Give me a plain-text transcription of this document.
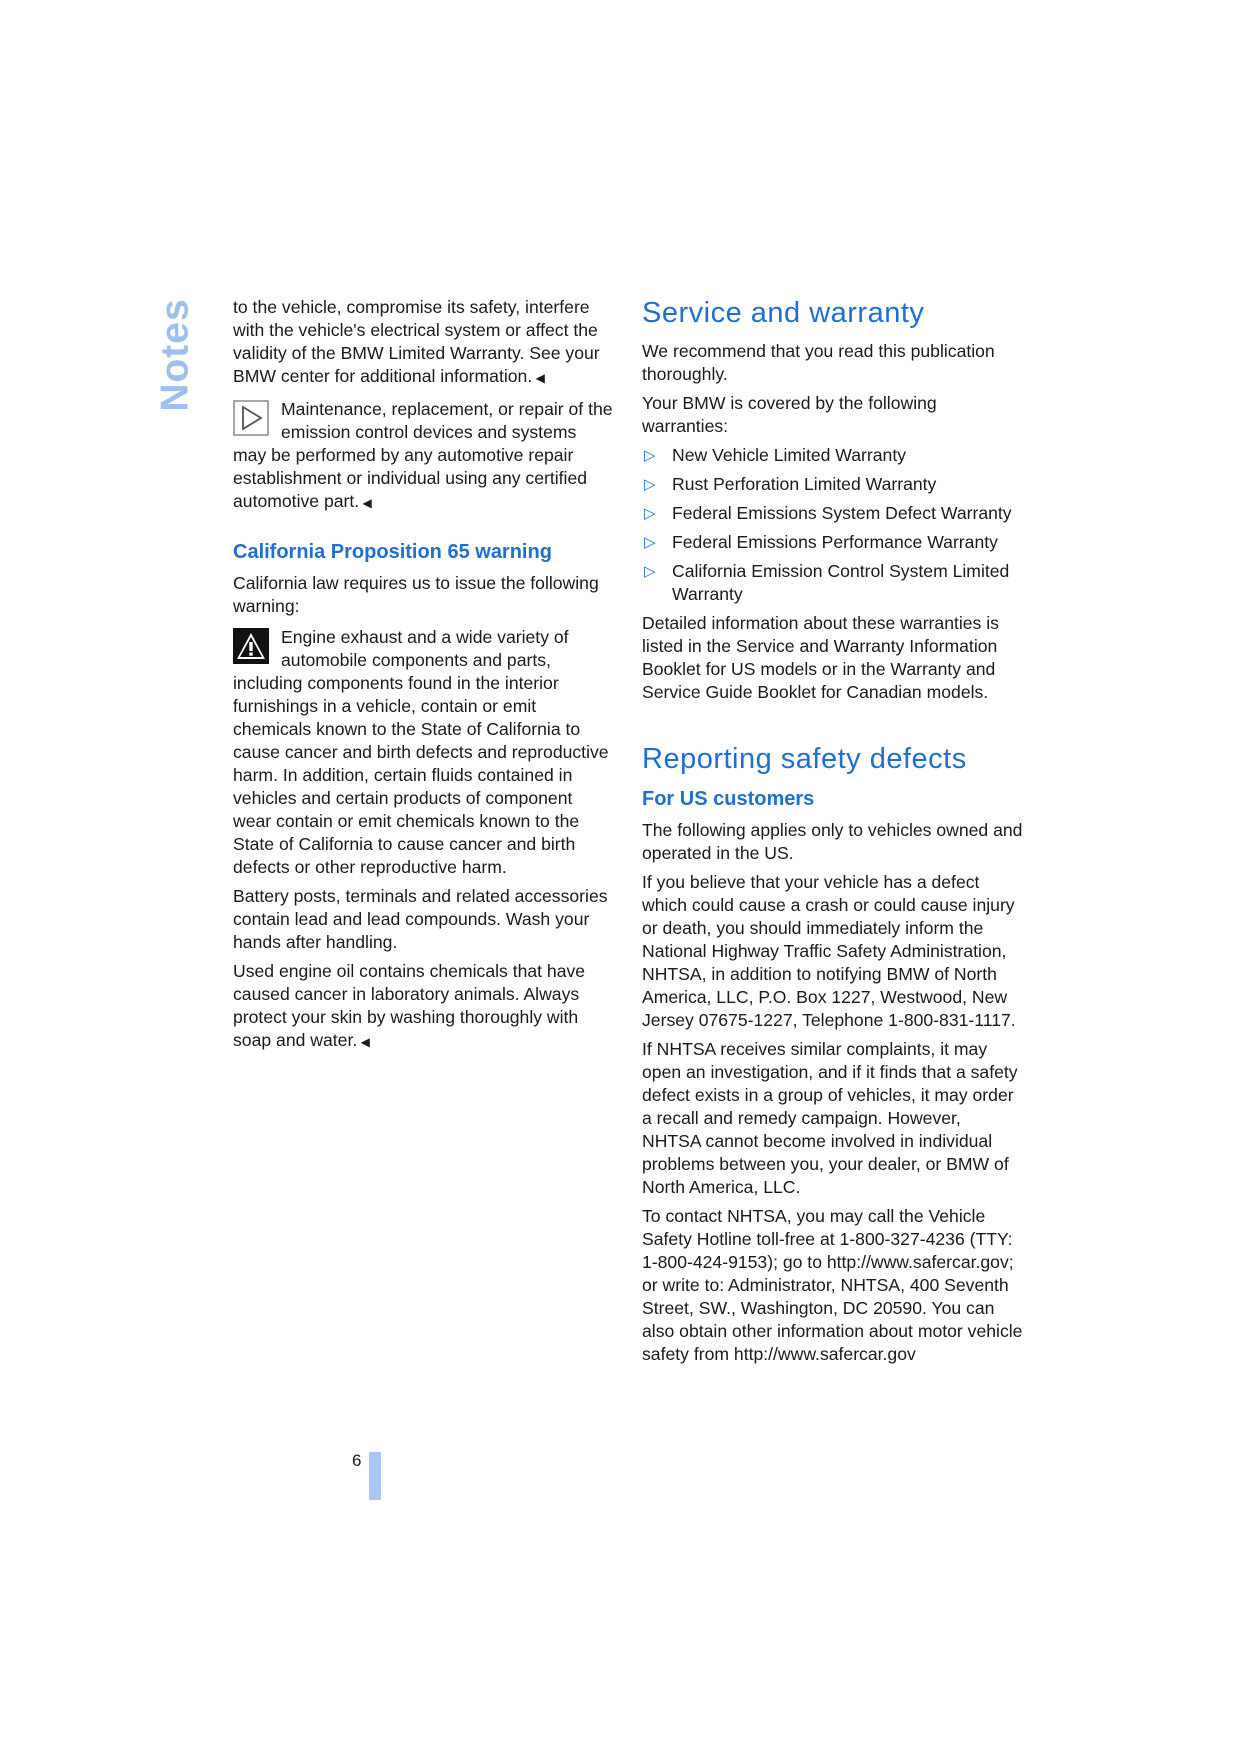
Notes to the vehicle, compromise its safety, interfere with the vehicle's electrical system or affect the validity of the BMW Limited Warranty. See your BMW center for additional information. ◀

Maintenance, replacement, or repair of the emission control devices and systems may be performed by any automotive repair establishment or individual using any certified automotive part. ◀
California Proposition 65 warning

California law requires us to issue the following warning:

Engine exhaust and a wide variety of automobile components and parts, including components found in the interior furnishings in a vehicle, contain or emit chemicals known to the State of California to cause cancer and birth defects and reproductive harm. In addition, certain fluids contained in vehicles and certain products of component wear contain or emit chemicals known to the State of California to cause cancer and birth defects or other reproductive harm.

Battery posts, terminals and related accessories contain lead and lead compounds. Wash your hands after handling.

Used engine oil contains chemicals that have caused cancer in laboratory animals. Always protect your skin by washing thoroughly with soap and water. ◀

Service and warranty

We recommend that you read this publication thoroughly.

Your BMW is covered by the following warranties:

▷ New Vehicle Limited Warranty
▷ Rust Perforation Limited Warranty
▷ Federal Emissions System Defect Warranty
▷ Federal Emissions Performance Warranty
▷ California Emission Control System Limited Warranty

Detailed information about these warranties is listed in the Service and Warranty Information Booklet for US models or in the Warranty and Service Guide Booklet for Canadian models.

Reporting safety defects
For US customers

The following applies only to vehicles owned and operated in the US.

If you believe that your vehicle has a defect which could cause a crash or could cause injury or death, you should immediately inform the National Highway Traffic Safety Administration, NHTSA, in addition to notifying BMW of North America, LLC, P.O. Box 1227, Westwood, New Jersey 07675-1227, Telephone 1-800-831-1117.

If NHTSA receives similar complaints, it may open an investigation, and if it finds that a safety defect exists in a group of vehicles, it may order a recall and remedy campaign. However, NHTSA cannot become involved in individual problems between you, your dealer, or BMW of North America, LLC.

To contact NHTSA, you may call the Vehicle Safety Hotline toll-free at 1-800-327-4236 (TTY: 1-800-424-9153); go to http://www.safercar.gov; or write to: Administrator, NHTSA, 400 Seventh Street, SW., Washington, DC 20590. You can also obtain other information about motor vehicle safety from http://www.safercar.gov

6
